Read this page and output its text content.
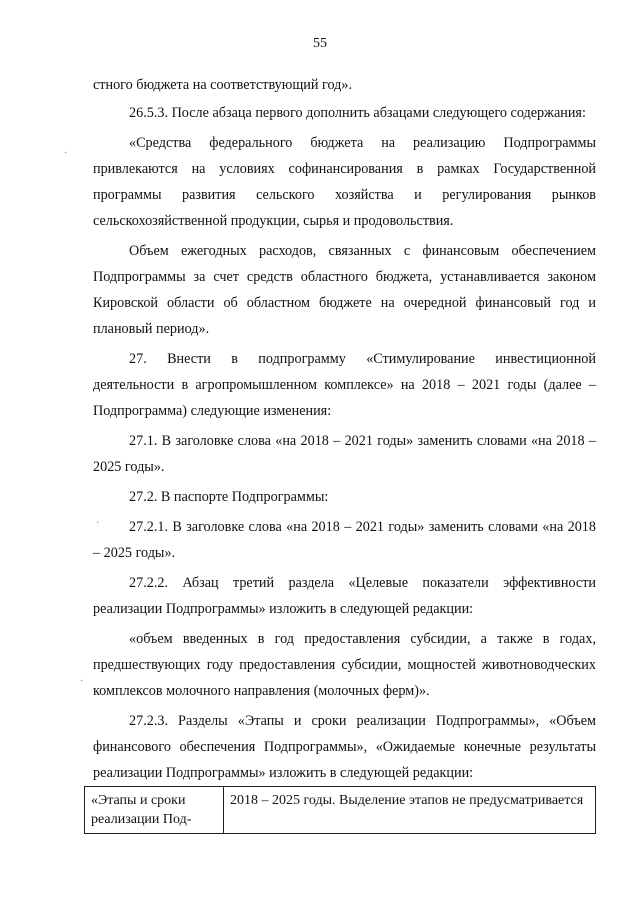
55

стного бюджета на соответствующий год».

26.5.3. После абзаца первого дополнить абзацами следующего содержания:

«Средства федерального бюджета на реализацию Подпрограммы привлекаются на условиях софинансирования в рамках Государственной программы развития сельского хозяйства и регулирования рынков сельскохозяйственной продукции, сырья и продовольствия.

Объем ежегодных расходов, связанных с финансовым обеспечением Подпрограммы за счет средств областного бюджета, устанавливается законом Кировской области об областном бюджете на очередной финансовый год и плановый период».

27. Внести в подпрограмму «Стимулирование инвестиционной деятельности в агропромышленном комплексе» на 2018 – 2021 годы (далее – Подпрограмма) следующие изменения:

27.1. В заголовке слова «на 2018 – 2021 годы» заменить словами «на 2018 – 2025 годы».

27.2. В паспорте Подпрограммы:

27.2.1. В заголовке слова «на 2018 – 2021 годы» заменить словами «на 2018 – 2025 годы».

27.2.2. Абзац третий раздела «Целевые показатели эффективности реализации Подпрограммы» изложить в следующей редакции:

«объем введенных в год предоставления субсидии, а также в годах, предшествующих году предоставления субсидии, мощностей животноводческих комплексов молочного направления (молочных ферм)».

27.2.3. Разделы «Этапы и сроки реализации Подпрограммы», «Объем финансового обеспечения Подпрограммы», «Ожидаемые конечные результаты реализации Подпрограммы» изложить в следующей редакции:

«Этапы и сроки реализации Под-	2018 – 2025 годы. Выделение этапов не предусматривается
·
·
·
